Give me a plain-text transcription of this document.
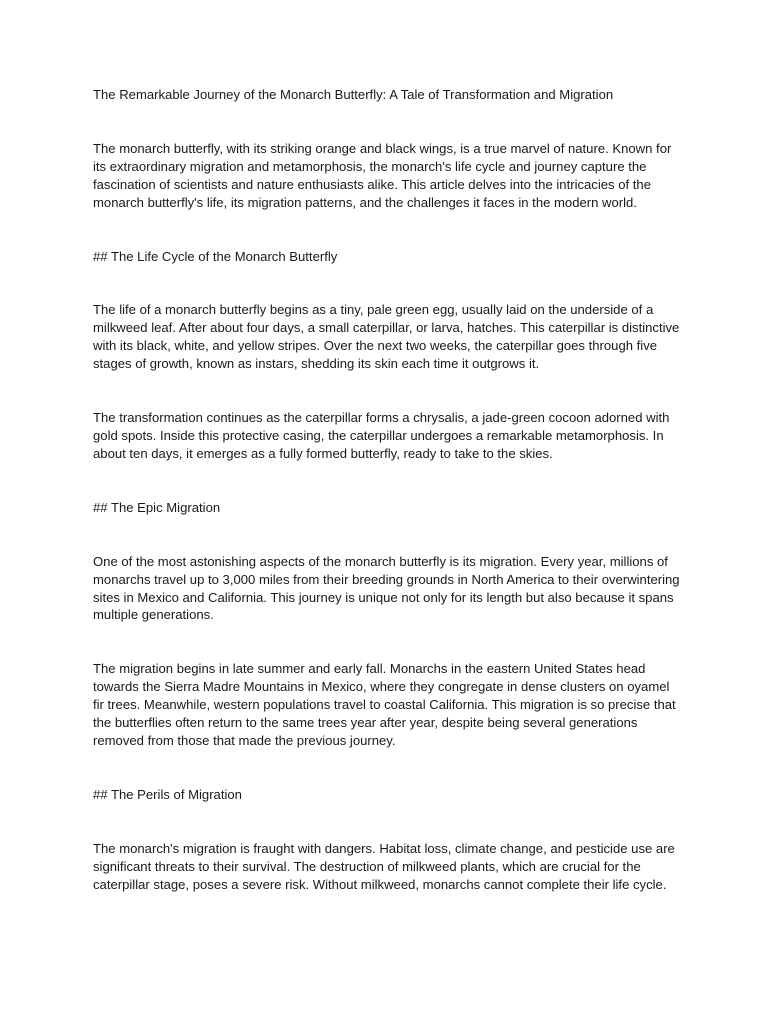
The Remarkable Journey of the Monarch Butterfly: A Tale of Transformation and Migration

The monarch butterfly, with its striking orange and black wings, is a true marvel of nature. Known for its extraordinary migration and metamorphosis, the monarch's life cycle and journey capture the fascination of scientists and nature enthusiasts alike. This article delves into the intricacies of the monarch butterfly's life, its migration patterns, and the challenges it faces in the modern world.

## The Life Cycle of the Monarch Butterfly

The life of a monarch butterfly begins as a tiny, pale green egg, usually laid on the underside of a milkweed leaf. After about four days, a small caterpillar, or larva, hatches. This caterpillar is distinctive with its black, white, and yellow stripes. Over the next two weeks, the caterpillar goes through five stages of growth, known as instars, shedding its skin each time it outgrows it.

The transformation continues as the caterpillar forms a chrysalis, a jade-green cocoon adorned with gold spots. Inside this protective casing, the caterpillar undergoes a remarkable metamorphosis. In about ten days, it emerges as a fully formed butterfly, ready to take to the skies.

## The Epic Migration

One of the most astonishing aspects of the monarch butterfly is its migration. Every year, millions of monarchs travel up to 3,000 miles from their breeding grounds in North America to their overwintering sites in Mexico and California. This journey is unique not only for its length but also because it spans multiple generations.

The migration begins in late summer and early fall. Monarchs in the eastern United States head towards the Sierra Madre Mountains in Mexico, where they congregate in dense clusters on oyamel fir trees. Meanwhile, western populations travel to coastal California. This migration is so precise that the butterflies often return to the same trees year after year, despite being several generations removed from those that made the previous journey.

## The Perils of Migration

The monarch's migration is fraught with dangers. Habitat loss, climate change, and pesticide use are significant threats to their survival. The destruction of milkweed plants, which are crucial for the caterpillar stage, poses a severe risk. Without milkweed, monarchs cannot complete their life cycle.
